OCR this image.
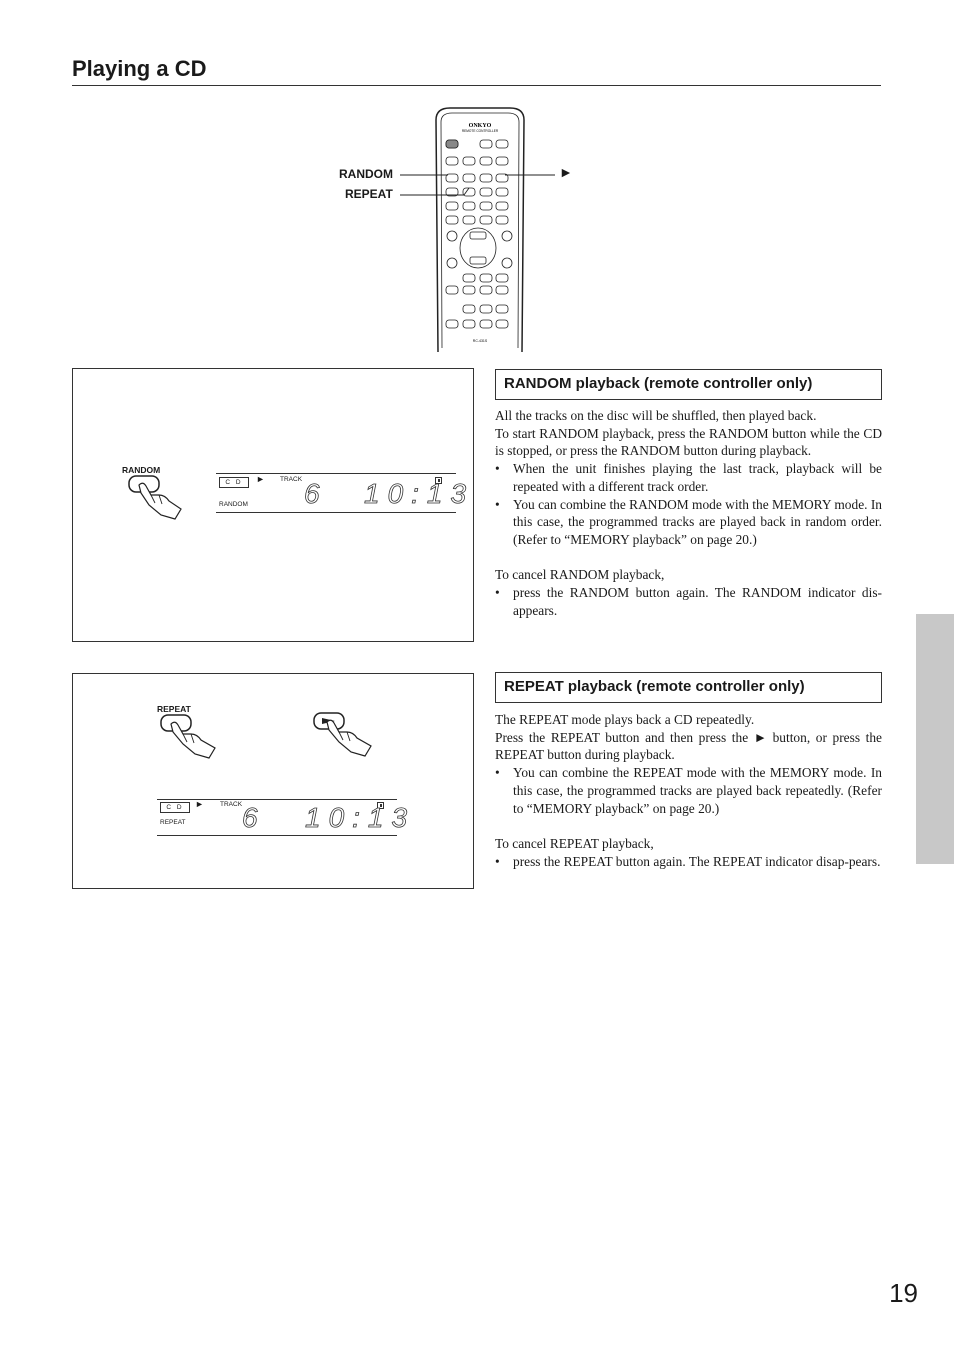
Playing a CD
ONKYO
REMOTE CONTROLLER
RC-431S
RANDOM
REPEAT
►
RANDOM
C D	► TRACK
RANDOM 6 10:13
RANDOM playback (remote controller only)

All the tracks on the disc will be shuffled, then played back.

To start RANDOM playback, press the RANDOM button while the CD is stopped, or press the RANDOM button during playback.

• When the unit finishes playing the last track, playback will be repeated with a different track order.
• You can combine the RANDOM mode with the MEMORY mode. In this case, the programmed tracks are played back in random order. (Refer to “MEMORY playback” on page 20.)

To cancel RANDOM playback,

• press the RANDOM button again. The RANDOM indicator dis-appears.
REPEAT
C D	► TRACK
REPEAT 6 10:13
REPEAT playback (remote controller only)

The REPEAT mode plays back a CD repeatedly.

Press the REPEAT button and then press the ► button, or press the REPEAT button during playback.

• You can combine the REPEAT mode with the MEMORY mode. In this case, the programmed tracks are played back repeatedly. (Refer to “MEMORY playback” on page 20.)

To cancel REPEAT playback,

• press the REPEAT button again. The REPEAT indicator disap-pears.
19
